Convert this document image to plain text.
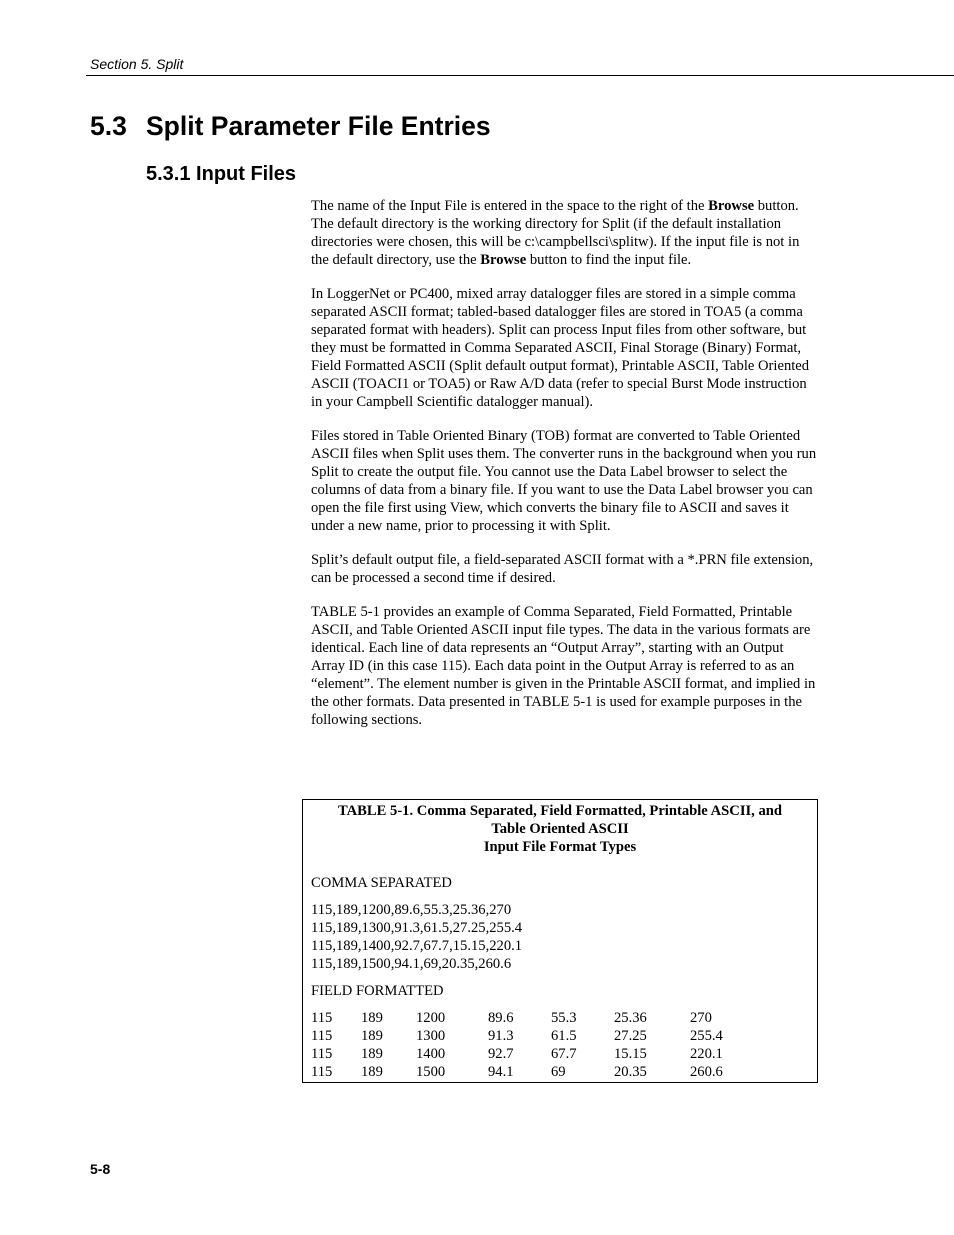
Section 5. Split
5.3 Split Parameter File Entries
5.3.1 Input Files

The name of the Input File is entered in the space to the right of the Browse button. The default directory is the working directory for Split (if the default installation directories were chosen, this will be c:\campbellsci\splitw). If the input file is not in the default directory, use the Browse button to find the input file.

In LoggerNet or PC400, mixed array datalogger files are stored in a simple comma separated ASCII format; tabled-based datalogger files are stored in TOA5 (a comma separated format with headers). Split can process Input files from other software, but they must be formatted in Comma Separated ASCII, Final Storage (Binary) Format, Field Formatted ASCII (Split default output format), Printable ASCII, Table Oriented ASCII (TOACI1 or TOA5) or Raw A/D data (refer to special Burst Mode instruction in your Campbell Scientific datalogger manual).

Files stored in Table Oriented Binary (TOB) format are converted to Table Oriented ASCII files when Split uses them. The converter runs in the background when you run Split to create the output file. You cannot use the Data Label browser to select the columns of data from a binary file. If you want to use the Data Label browser you can open the file first using View, which converts the binary file to ASCII and saves it under a new name, prior to processing it with Split.

Split’s default output file, a field-separated ASCII format with a *.PRN file extension, can be processed a second time if desired.

TABLE 5-1 provides an example of Comma Separated, Field Formatted, Printable ASCII, and Table Oriented ASCII input file types. The data in the various formats are identical. Each line of data represents an “Output Array”, starting with an Output Array ID (in this case 115). Each data point in the Output Array is referred to as an “element”. The element number is given in the Printable ASCII format, and implied in the other formats. Data presented in TABLE 5-1 is used for example purposes in the following sections.

TABLE 5-1. Comma Separated, Field Formatted, Printable ASCII, and
Table Oriented ASCII
Input File Format Types
COMMA SEPARATED
115,189,1200,89.6,55.3,25.36,270
115,189,1300,91.3,61.5,27.25,255.4
115,189,1400,92.7,67.7,15.15,220.1
115,189,1500,94.1,69,20.35,260.6
FIELD FORMATTED
115 189 1200	89.6	55.3	25.36	270
115 189 1300	91.3	61.5	27.25	255.4
115 189 1400	92.7	67.7	15.15	220.1
115 189 1500	94.1	69	20.35	260.6
5-8
